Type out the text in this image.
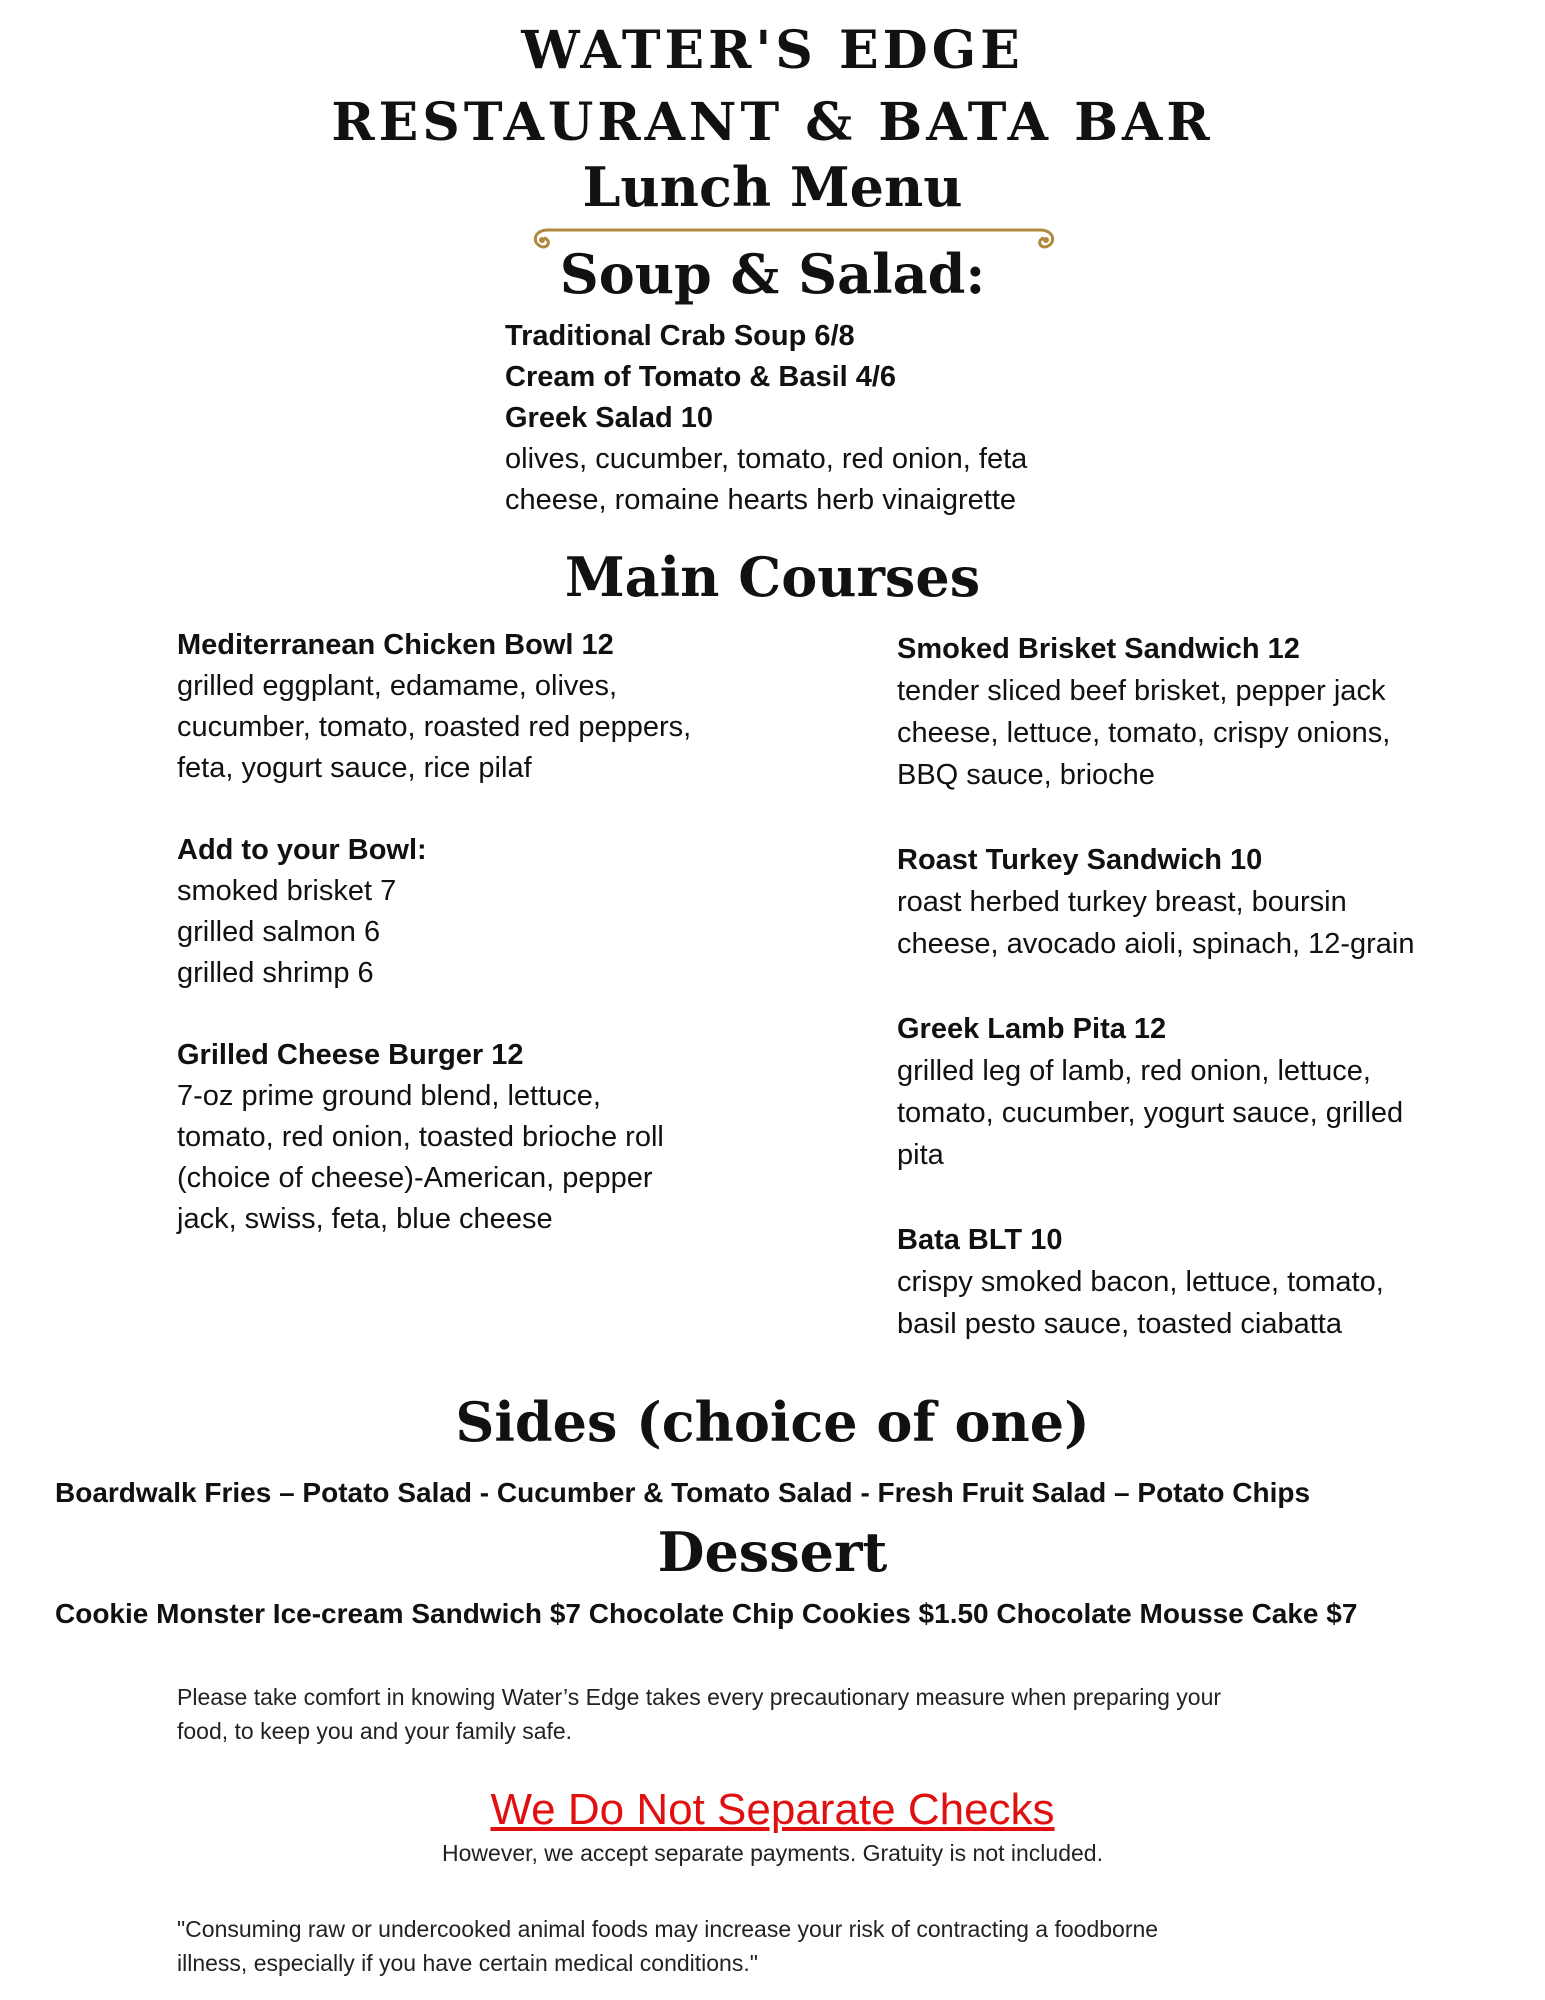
WATER'S EDGE
RESTAURANT & BATA BAR
Lunch Menu
Soup & Salad:
Traditional Crab Soup 6/8
Cream of Tomato & Basil 4/6
Greek Salad 10
olives, cucumber, tomato, red onion, feta
cheese, romaine hearts herb vinaigrette
Main Courses
Mediterranean Chicken Bowl 12
grilled eggplant, edamame, olives,
cucumber, tomato, roasted red peppers,
feta, yogurt sauce, rice pilaf
Add to your Bowl:
smoked brisket 7
grilled salmon 6
grilled shrimp 6
Grilled Cheese Burger 12
7-oz prime ground blend, lettuce,
tomato, red onion, toasted brioche roll
(choice of cheese)-American, pepper
jack, swiss, feta, blue cheese
Smoked Brisket Sandwich 12
tender sliced beef brisket, pepper jack
cheese, lettuce, tomato, crispy onions,
BBQ sauce, brioche
Roast Turkey Sandwich 10
roast herbed turkey breast, boursin
cheese, avocado aioli, spinach, 12-grain
Greek Lamb Pita 12
grilled leg of lamb, red onion, lettuce,
tomato, cucumber, yogurt sauce, grilled
pita
Bata BLT 10
crispy smoked bacon, lettuce, tomato,
basil pesto sauce, toasted ciabatta
Sides (choice of one)
Boardwalk Fries – Potato Salad - Cucumber & Tomato Salad - Fresh Fruit Salad – Potato Chips
Dessert
Cookie Monster Ice-cream Sandwich $7 Chocolate Chip Cookies $1.50 Chocolate Mousse Cake $7
Please take comfort in knowing Water’s Edge takes every precautionary measure when preparing your
food, to keep you and your family safe.
We Do Not Separate Checks
However, we accept separate payments. Gratuity is not included.
"Consuming raw or undercooked animal foods may increase your risk of contracting a foodborne
illness, especially if you have certain medical conditions."
